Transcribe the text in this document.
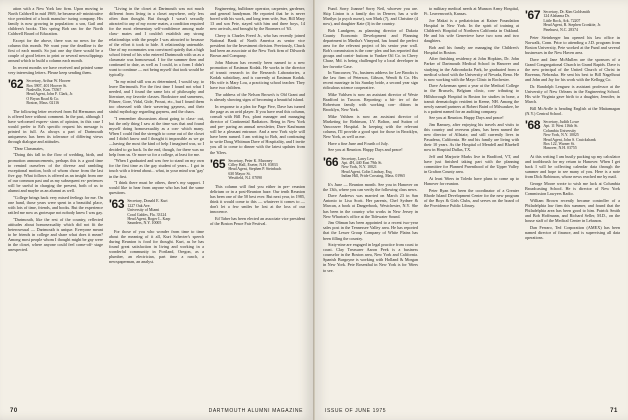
ation with a New York law firm. Upon moving to North Caldwell in mid 1969, he became ad- ministrative vice president of a book manufac- turing company. His family is now growing in population: a son, Gail and children's books. This spring Bob ran for the North Caldwell Board of Education.

Except for the above, there was no news for the column this month. We want your the deadline is the first of each month. So just one day there would be a couple of good letters to print or several newsclippings around which to build a column each month.

In recent months we have received and printed some very interesting letters. Please keep sending them.

'62 Secretary, Arthur W. Hoover
Box 3907, 401 Hoover St.
Nashville, Kan. 73567
Head Agent, John F. Clark, Jr.
O Bryan Road & Co.
Boston, Mass. 02116

The following letter received from Ed Hermanos and is offered here without comment. In the past, although I have welcomed expres- sions of opinion, in this case I would prefer to Ed's specific request his message is printed in full. As always a part of Dartmouth uniqueness has been its tolerance of differing views through dialogue and attitudes.

"Dear Classmates,

"Doing this fall in the flow of wedding, birth, and promotion announcements, perhaps this is a good time to remind ourselves of the diverse and rambling exceptional motion, both of whom chose from the last five gay. What follows is offered as an insight from one of our common past and as my subsequent ex- periences will be useful in charging the present, both of us to alumni and maybe as an alumni as well.

"College brings back very mixed feelings for me. On one hand, those years were spent in a beautiful place, with lots of time, friends, and books. But the experience rattled me now as grotesque not nobody knew I was gay.

"Dartmouth, like the rest of the country, reflected attitudes about homosexuality which did not fit the heterosexual — Dartmouth is unique. Everyone meant to be friends in college and share what does it mean? Among most people whom I thought might be gay were in the closet, where anyone could feel come-off- stage unexpected.

"Living in the closet at Dartmouth was not much different from living in a closet anywhere, only less often than thought. But though I wasn't sexually attracted to any of my room- mates, a condition required for the most elementary self-confidence among male class- mates and I couldn't establish any strong relationships with the people I was attracted to because of the effort it took to hide. A relationship untenable. One of my roommates was convinced quietly that a high school friend of his who entered Dartmouth with us as a classmate was homosexual. I for the summer then and continued to date, as well as I could, in a form I didn't want to continue — not being myself that took would be typically.

"In my mind still was as determined, I would say, to leave Dartmouth. For the first time I found not what I needed, and I found the same lots of philosophy and literature, my favorite classes. Bookstore and sameness, Pilsner, Gore, Vidal, Gide, Proust, etc., but I found them too obsessed with their wavering gayness, and their sinful mythology regarding gayness, and the chaos.

"I remember discussions about going to class- out, but the only thing I saw at the time was that and found myself doing homosexuality as a con- which many. When I could find the strength to come out of the closet and I didn't know and I thought it impossible as we go—having the most the kind of help I imagined was, so I decided to go back. In the end, though, for there was no help from us. Or more so for a college, at least for me.

"When I graduated and was free to stand on my own for the first time as the gay student of years... I got in touch with a friend about... what, in your mind was 'gay' in the first.

"I think there must be others, there's my support. I would like to hear from anyone who has had the same questions.

'63 Secretary, Donald E. Kurt
1227 Oak Ave.
University of Miami
Coral Gables, Fla. 33124
Head Agent, Roger L. Karp
Saunders, N.Y. 10005

For those of you who wonder from time to time about the meaning of it all, Kurt Schecter's speech during Reunion is food for thought. Kurt, as he has found great satisfaction in living and working in a wonderful community in Portland, Oregon, as a plumber, an electrician, part time a ranch, a newspaperman, an analyst.

Engineering, bulldozer operator, carpenter, gardener, and general handyman. He reported that he is never bored with his work, and long term wife, Sue, Bill Mary 13 and son Pete, stayed with him and three boys, 14 new arrivals, and brought by the Boomers of '63.

Chevy is Charles Freed Jr., who has recently joined National Bank of North America as senior vice president for the Investment division. Previously, Chuck had been an associate at the New York firm of Dilworth Brown and Company.

John Matson has recently been named to a new promotion of Eastman Kodak. He works in the director of transit research in the Research Laboratories, a Kodak subsidiary, and is currently at Eastman Kodak. His wife is Mary Lou, a practicing school teacher. They have two children.

The address of the Nelson Brown's is Old Grant and is already showing signs of becoming a beautiful island.

In response to a plea for Page Five, Dave has turned the page as an avid player. If you have read this column, consult with Bill Fox, plant manager and managing director of Continental Radiators. Being in New York and pre- paring an annual newsletter, Dave Kaufmann will be a pleasant entrance. And a new York style will have been named. I am writing to Bob, and continuing to write Doug Whitman Dave of Hospitality, and I invite you all to come to dinner with the latest updates from the '63ers.

'65 Secretary, Peter K. Maroney
Cilley Hall, Exeter, N.H. 03833
Head Agent, Stephen P. Steinbach
630 Mayor St.
Westfield, N.J. 07090

This column will find you either in pre- reunion delirium or in a post-Reunion haze. Our tenth Reunion has been one of the 50 best ever. But next year, in 1985, think it would come to this — whatever it comes to — don't let a few smiles be lost at the loss of our innocence.

Ed Taber has been elected an associate vice president of the Boston Peace Fair Festival.

70	DARTMOUTH ALUMNI MAGAZINE

Fund. Sorry Joanne! Sorry Neil, whoever you are. Skip Linton is a family doc in Denver, has a wife Marilyn (a psych nurse), son Mark (7), and Christine (4 now), and daughter Kate (3) in the country.

Bob Lundgren, as planning director of Dakota County Economic Development and Planning department in Martha's Vineyard, has found the perfect area for the relevant project of his senior year wall. Bob's commission is the com- plex and has reported that groups and contri- butions to Yankee Oil Co. in Chevy Chase, Md. is being challenged by a local developer in her favorite Case.

In Vancouver, Va., business address for Lee Brooks is the law firm of Peterson, Gibson, Wendt & Co. His recent marriage in his Sunday bride, a second year sign ridiculous science cooperative.

Mike Vahlsen is now an assistant director of Weste Bradford in Tuscon. Reporting: a bit- ter of the Robertson family with working con- ditions in Brooklyn, New York.

Mike Vahlsen is now an assistant director of Marketing for Robinson, I.V. Bolton, and Sutton of Vancouver Hospital. In keeping with the relevant column, I'll provide a good spot for those in Brooklyn, New York, as well as me.

Have a fine June and Fourth of July.

See you at Reunion. Happy Days and peace!

'66 Secretary, Larry Lew
Apt. 4H, 440 East 79th St.
New York, N.Y. 10021
Head Agent, Colin Lindsay, Esq.
Indian Hill, Pride Crossing, Mass. 01965

It's June — Reunion month. See you in Hanover on the 13th, where you can verify the following class news.

Dave Andrews was married on March 23 in San Antonio to Lisa Scott. Her parents, Chef Sydnee & Marcan, a book at Dangerbook, Westchester, N.Y. She has been in the country who works in New Jersey in New Wharton's office at the Tidewater Sound.

Jim Oltman has been appointed to a recent two-year sales post in the Tennessee Valley area. He has reported that the Lesser Group Company of White Plains has been filling the country.

Sixty-nine are engaged in legal practice from coast to coast. Clay Treasurer Aaron Peek is a business counselor in the Boston area, New York and California. Spanish Burgoyne is working with Holland & Morgan in New York. Pete Rosenthal in New York is for '66ers to see.

to military medical needs at Munson Army Hospital, Ft. Leavenworth, Kansas.

Joe Makai is a pediatrician at Kaiser Foundation Hospital in New York. In the spirit of training at Children's Hospital of Northern California in Oakland. He and his wife Genevieve have two sons and two daughters.

Bob and his family are managing the Children's Hospital in Boston.

After finishing residency at John Hopkins, Dr. John Parker of Dartmouth Medical School in Hanover and studying in the Adirondacks Park, he graduated from a medical school with the University of Nevada, Reno. He is now working with the Mayo Clinic in Rochester.

Dave Ackerman spent a year at the Medical College in the Brussels, Belgium clinic, con- tributing to Hillsborough Hospital in Boston for studies in bone, a transit dermatologic resident in Keene, NH. Among the newly named partners at Robert Baird of Milwaukee, he is a patient named for an auditing company.

See you at Reunion. Happy Days and peace!

Jim Ramsey, after enjoying his travels and visits to this country and overseas plans, has been named the new director of Allstate, and still currently lives in Pasadena, California. He and his family are living with their 10 years. As the Hospital of Mendell and Bluebell now in Hospital Dallas, TX.

Jeff and Marjorie Marks live in Bradford, VT, and have just finished taking part with the planning committee for Planned Parenthood of the Upper Valley in Grafton County area.

At least '66ers in Toledo have plans to come up to Hanover for reunion.

Peter Ryan has been the coordinator of a Greater Rhode Island Development Center for the new program of the Boys & Girls Clubs, and serves on the board of the Providence Public Library.

'67 Secretary, Dr. Kim Goldsmith
124 Alabama Dr.
Little Rock, Ark. 72207
Head Agent, R. Stephen Cronkite, Jr.
Pinehurst, N.C. 28374

Peter Steinberger has opened his law office in Norwalk, Conn. Prior to attending a J.D. program from Boston University, Pete worked at the Fund and several businesses in the New Haven area.

Dave and Jane McMullen are the sponsors of a Grand Congregational Church in Grand Rapids. Dave is the new principal of the United Church of Christ in Ravenna, Nebraska. He sent his best to Bill Nagelhout and John and Jay for his work with the Kellogg Co.

Dr. Randolph Lenguez is assistant professor at the University of New Orleans in the Engineering School. His wife Virginia gave birth to a daughter, Jennifer, in March.

Bill McArdle is heading English at the Mattamagan (N.Y.) Central School.

'68 Secretary, Judith Lowe
Apt. 11 West 116th St.
Columbia University
New York, N.Y. 10025
Head Agent, John S. Cruickshank
Box 122, Warner St.
Hanover, N.H. 03755

At this writing I am busily packing up my calculator and toothbrush for my return to Hanover. When I get back I will be collecting calendar data through the summer and hope to see many of you. Here is a note from Dick Robinson, whose news reached me by mail.

George Moore wrote to wish me luck at Columbia Broadcasting School. He is director of New York Commission Lawyers Radio.

William Brown recently became controller of a Philadelphia law firm this summer, and found that the Philadelphia area has been good to him. Patrick Smith and Bob Hoffmann, and Richard Seller, M.D., on the house staff of the Medical Center in Lebanon.

Dan Ferraro, Ted Corporation (AMEX) has been named director of finance, and is supervising all data operations.

ISSUE OF JUNE 1975	71
